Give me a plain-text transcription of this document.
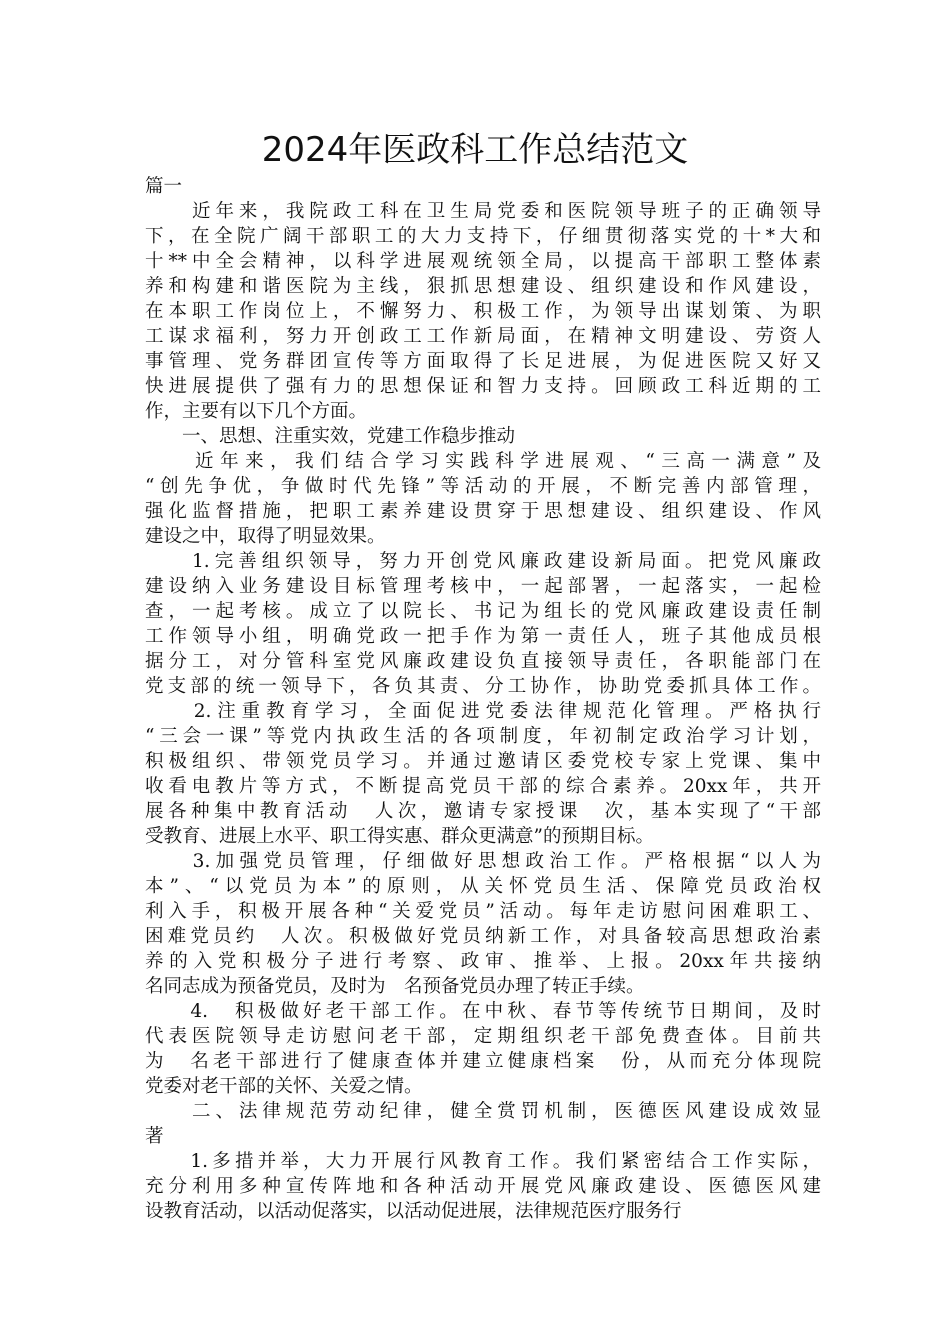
2024年医政科工作总结范文
篇一
　　近年来，我院政工科在卫生局党委和医院领导班子的正确领导
下，在全院广阔干部职工的大力支持下，仔细贯彻落实党的十*大和
十**中全会精神，以科学进展观统领全局，以提高干部职工整体素
养和构建和谐医院为主线，狠抓思想建设、组织建设和作风建设，
在本职工作岗位上，不懈努力、积极工作，为领导出谋划策、为职
工谋求福利，努力开创政工工作新局面，在精神文明建设、劳资人
事管理、党务群团宣传等方面取得了长足进展，为促进医院又好又
快进展提供了强有力的思想保证和智力支持。回顾政工科近期的工
作，主要有以下几个方面。
　　一、思想、注重实效，党建工作稳步推动
　　近年来，我们结合学习实践科学进展观、“三高一满意”及
“创先争优，争做时代先锋”等活动的开展，不断完善内部管理，
强化监督措施，把职工素养建设贯穿于思想建设、组织建设、作风
建设之中，取得了明显效果。
　　1.完善组织领导，努力开创党风廉政建设新局面。把党风廉政
建设纳入业务建设目标管理考核中，一起部署，一起落实，一起检
查，一起考核。成立了以院长、书记为组长的党风廉政建设责任制
工作领导小组，明确党政一把手作为第一责任人，班子其他成员根
据分工，对分管科室党风廉政建设负直接领导责任，各职能部门在
党支部的统一领导下，各负其责、分工协作，协助党委抓具体工作。
　　2.注重教育学习，全面促进党委法律规范化管理。严格执行
“三会一课”等党内执政生活的各项制度，年初制定政治学习计划，
积极组织、带领党员学习。并通过邀请区委党校专家上党课、集中
收看电教片等方式，不断提高党员干部的综合素养。20xx年，共开
展各种集中教育活动　人次，邀请专家授课　次，基本实现了“干部
受教育、进展上水平、职工得实惠、群众更满意”的预期目标。
　　3.加强党员管理，仔细做好思想政治工作。严格根据“以人为
本”、“以党员为本”的原则，从关怀党员生活、保障党员政治权
利入手，积极开展各种“关爱党员”活动。每年走访慰问困难职工、
困难党员约　人次。积极做好党员纳新工作，对具备较高思想政治素
养的入党积极分子进行考察、政审、推举、上报。20xx年共接纳
名同志成为预备党员，及时为　名预备党员办理了转正手续。
　　4.　积极做好老干部工作。在中秋、春节等传统节日期间，及时
代表医院领导走访慰问老干部，定期组织老干部免费查体。目前共
为　名老干部进行了健康查体并建立健康档案　份，从而充分体现院
党委对老干部的关怀、关爱之情。
　　二、法律规范劳动纪律，健全赏罚机制，医德医风建设成效显
著
　　1.多措并举，大力开展行风教育工作。我们紧密结合工作实际，
充分利用多种宣传阵地和各种活动开展党风廉政建设、医德医风建
设教育活动，以活动促落实，以活动促进展，法律规范医疗服务行
